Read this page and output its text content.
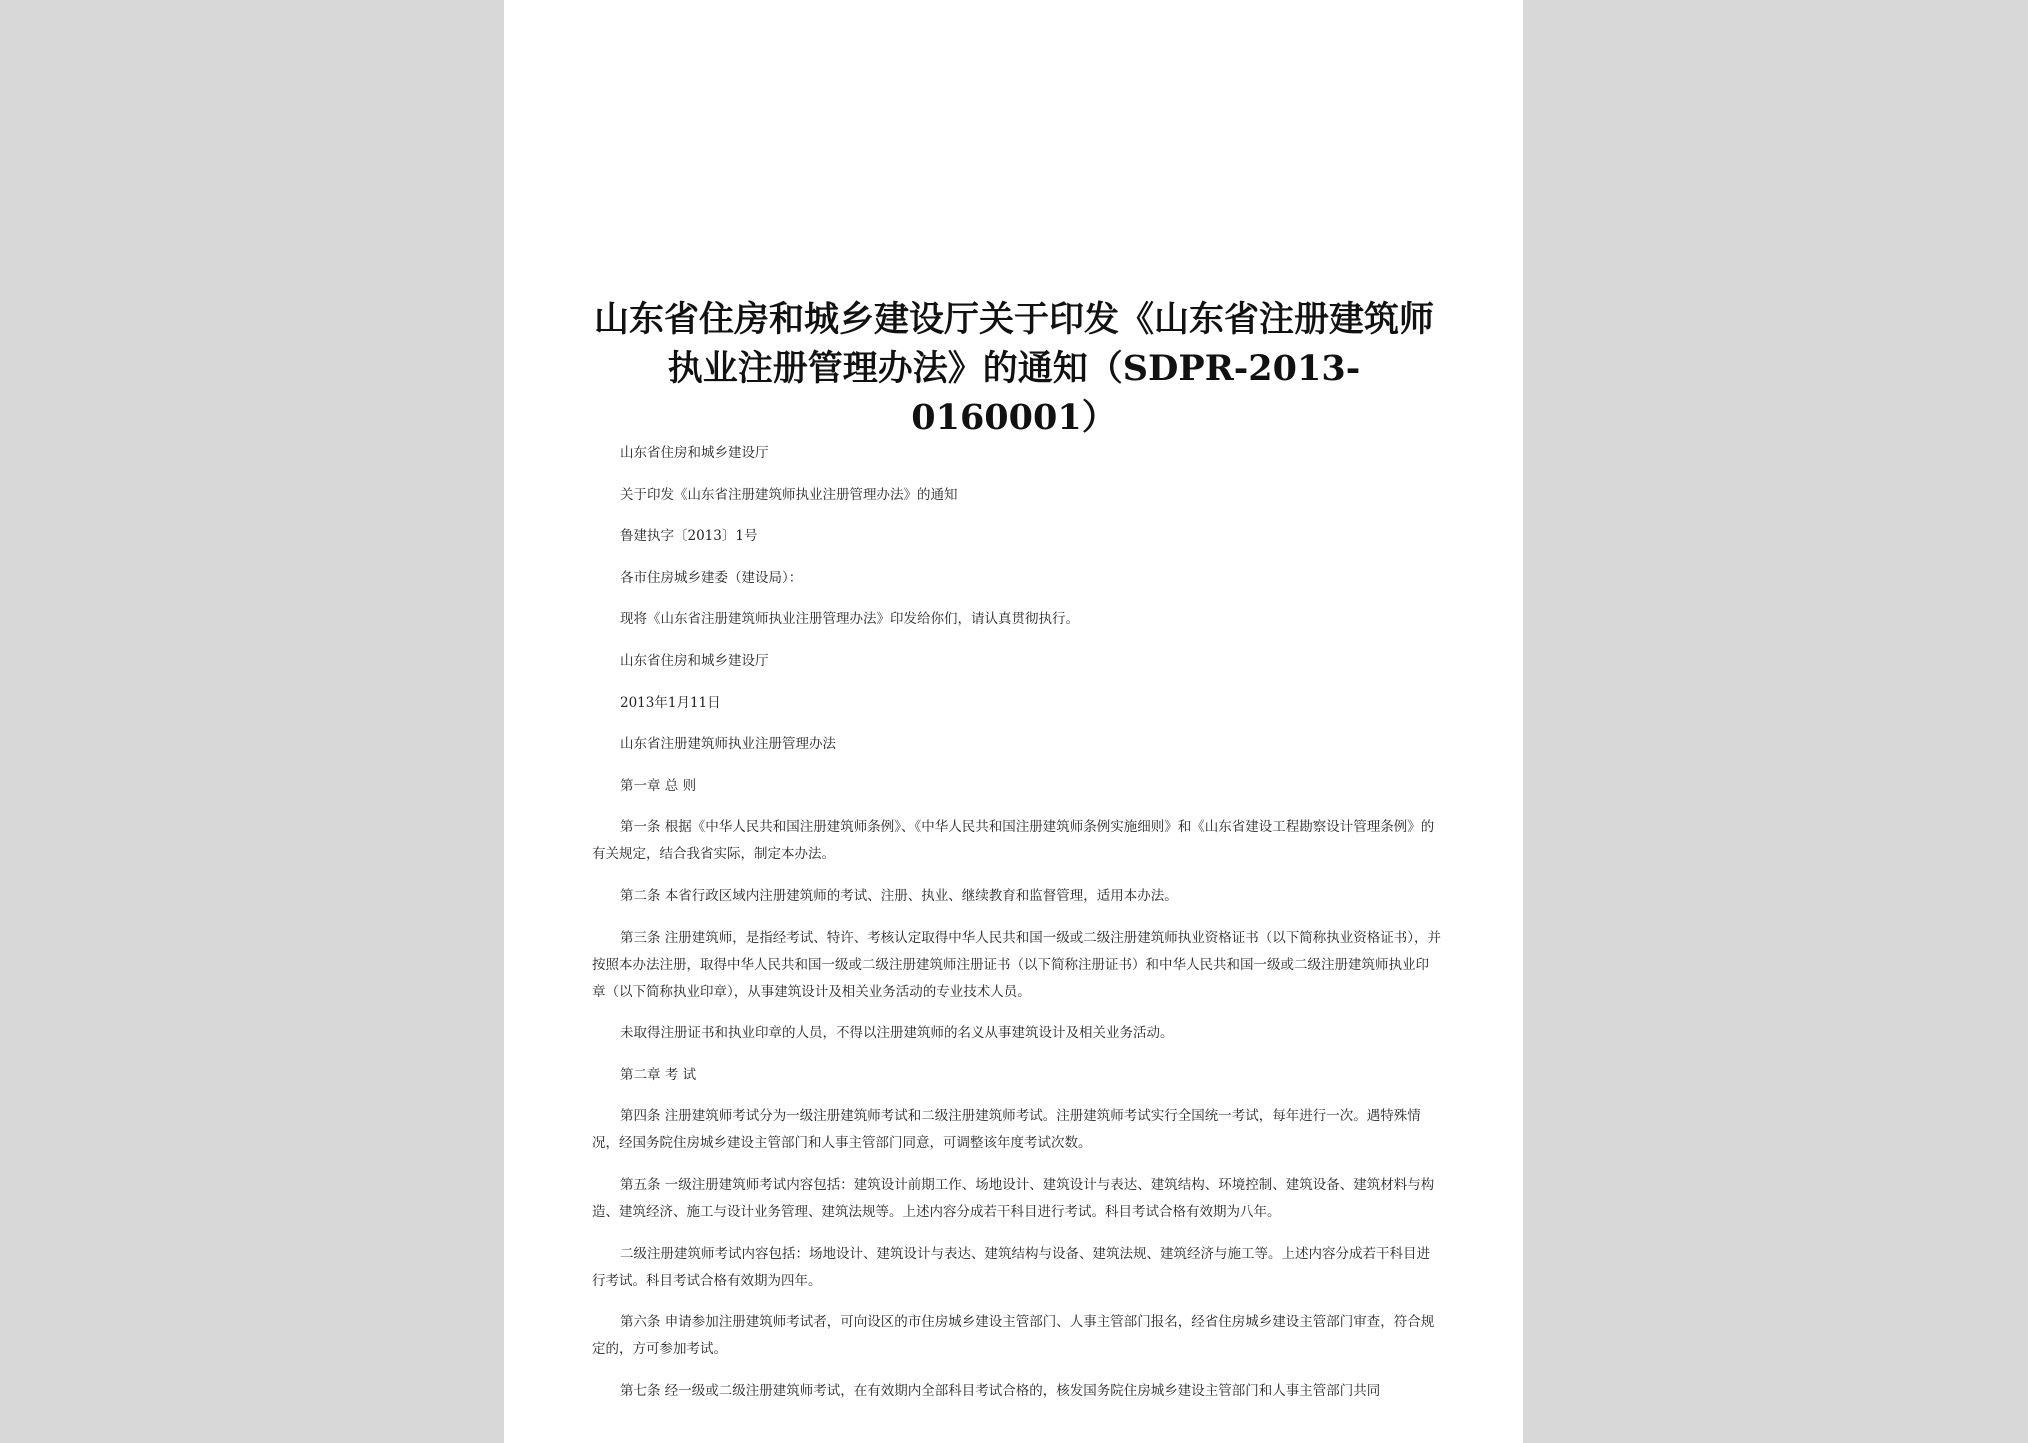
山东省住房和城乡建设厅关于印发《山东省注册建筑师执业注册管理办法》的通知（SDPR-2013-0160001）

山东省住房和城乡建设厅

关于印发《山东省注册建筑师执业注册管理办法》的通知

鲁建执字〔2013〕1号

各市住房城乡建委（建设局）：

现将《山东省注册建筑师执业注册管理办法》印发给你们，请认真贯彻执行。

山东省住房和城乡建设厅

2013年1月11日

山东省注册建筑师执业注册管理办法

第一章 总 则

第一条 根据《中华人民共和国注册建筑师条例》、《中华人民共和国注册建筑师条例实施细则》和《山东省建设工程勘察设计管理条例》的有关规定，结合我省实际，制定本办法。

第二条 本省行政区域内注册建筑师的考试、注册、执业、继续教育和监督管理，适用本办法。

第三条 注册建筑师，是指经考试、特许、考核认定取得中华人民共和国一级或二级注册建筑师执业资格证书（以下简称执业资格证书），并按照本办法注册，取得中华人民共和国一级或二级注册建筑师注册证书（以下简称注册证书）和中华人民共和国一级或二级注册建筑师执业印章（以下简称执业印章），从事建筑设计及相关业务活动的专业技术人员。

未取得注册证书和执业印章的人员，不得以注册建筑师的名义从事建筑设计及相关业务活动。

第二章 考 试

第四条 注册建筑师考试分为一级注册建筑师考试和二级注册建筑师考试。注册建筑师考试实行全国统一考试，每年进行一次。遇特殊情况，经国务院住房城乡建设主管部门和人事主管部门同意，可调整该年度考试次数。

第五条 一级注册建筑师考试内容包括：建筑设计前期工作、场地设计、建筑设计与表达、建筑结构、环境控制、建筑设备、建筑材料与构造、建筑经济、施工与设计业务管理、建筑法规等。上述内容分成若干科目进行考试。科目考试合格有效期为八年。

二级注册建筑师考试内容包括：场地设计、建筑设计与表达、建筑结构与设备、建筑法规、建筑经济与施工等。上述内容分成若干科目进行考试。科目考试合格有效期为四年。

第六条 申请参加注册建筑师考试者，可向设区的市住房城乡建设主管部门、人事主管部门报名，经省住房城乡建设主管部门审查，符合规定的，方可参加考试。

第七条 经一级或二级注册建筑师考试，在有效期内全部科目考试合格的，核发国务院住房城乡建设主管部门和人事主管部门共同
